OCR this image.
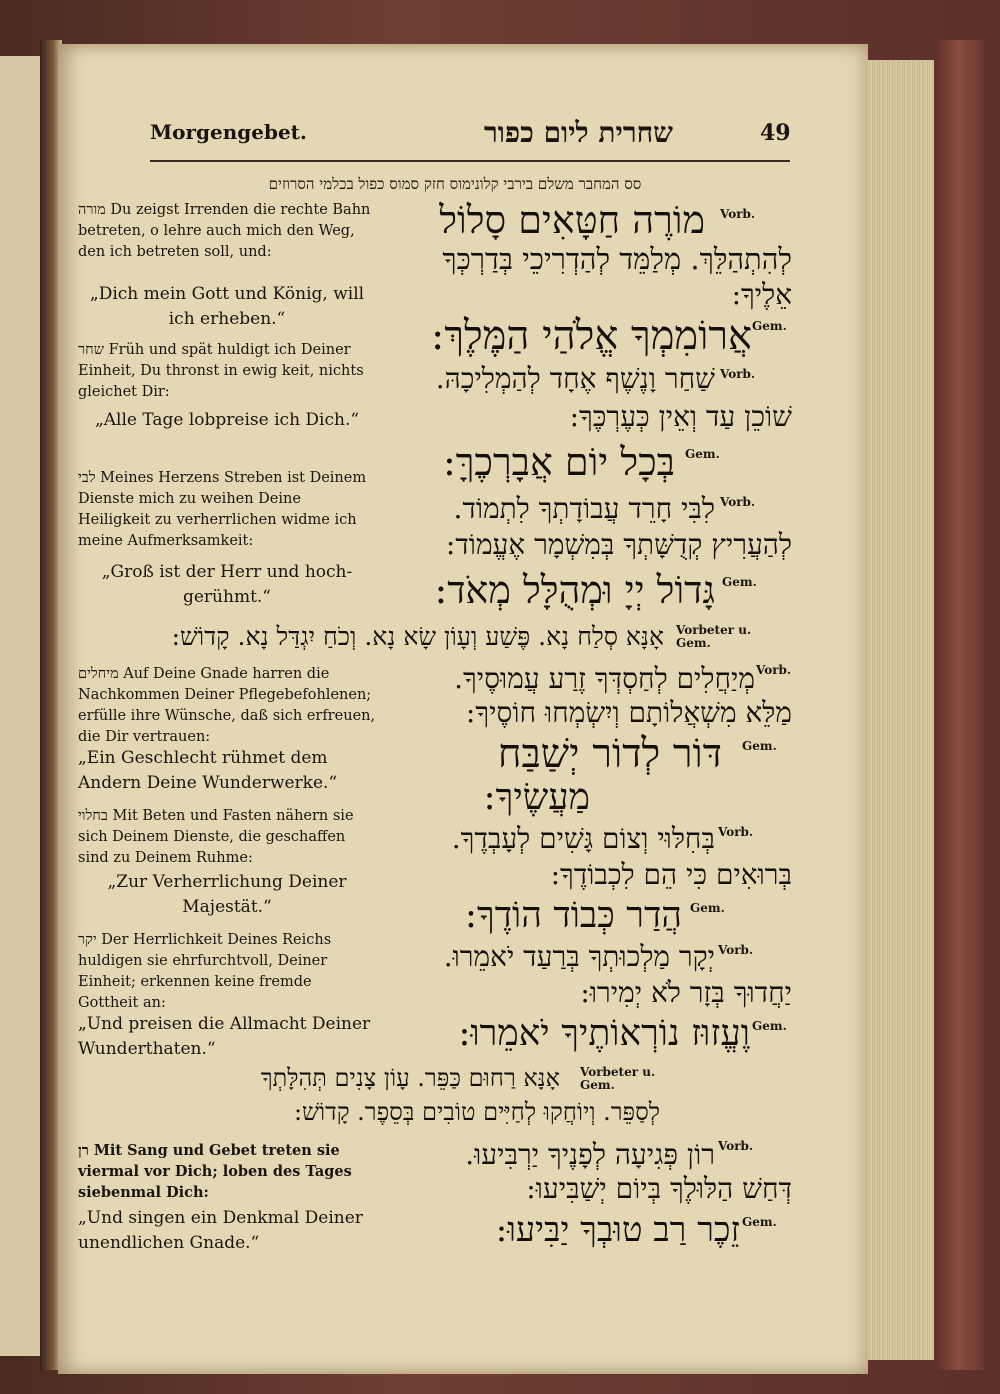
Morgengebet.	שחרית ליום כפור	49
סס המחבר משלם בירבי קלונימוס חזק סמוס כפול בכלמי הסרוזים
מורה Du zeigst Irrenden die rechte Bahn betreten, o lehre auch mich den Weg, den ich betreten soll, und:
„Dich mein Gott und König, will ich erheben.“
שחר Früh und spät huldigt ich Deiner Einheit, Du thronst in ewig keit, nichts gleichet Dir:
„Alle Tage lobpreise ich Dich.“
לבי Meines Herzens Streben ist Deinem Dienste mich zu weihen Deine Heiligkeit zu verherrlichen widme ich meine Aufmerksamkeit:
„Groß ist der Herr und hoch-gerühmt.“
מיחלים Auf Deine Gnade harren die Nachkommen Deiner Pflegebefohlenen; erfülle ihre Wünsche, daß sich erfreuen, die Dir vertrauen:
„Ein Geschlecht rühmet dem Andern Deine Wunderwerke.“
בחלוי Mit Beten und Fasten nähern sie sich Deinem Dienste, die geschaffen sind zu Deinem Ruhme:
„Zur Verherrlichung Deiner Majestät.“
יקר Der Herrlichkeit Deines Reichs huldigen sie ehrfurchtvoll, Deiner Einheit; erkennen keine fremde Gottheit an:
„Und preisen die Allmacht Deiner Wunderthaten.“
רן Mit Sang und Gebet treten sie viermal vor Dich; loben des Tages siebenmal Dich:
„Und singen ein Denkmal Deiner unendlichen Gnade.“
מוֹרֶה חַטָּאִים סָלוֹל Vorb.
לְהִתְהַלֵּךְ. מְלַמֵּד לְהַדְרִיכֵי בְּדַרְכְּךָ
אֵלֶיךָ:
אֲרוֹמִמְךָ אֱלֹהַי הַמֶּלֶךְ: Gem.
שַׁחַר וָנֶשֶׁף אֶחָד לְהַמְלִיכָהּ. Vorb.
שׁוֹכֵן עַד וְאֵין כְּעֶרְכֶּךָ:
בְּכָל יוֹם אֲבָרְכֶךָּ: Gem.
לִבִּי חָרֵד עֲבוֹדָתְךָ לִתְמוֹד. Vorb.
לְהַעֲרִיץ קְדֻשָּׁתְךָ בְּמִשְׁמָר אֶעֱמוֹד:
גָּדוֹל יְיָ וּמְהֻלָּל מְאֹד: Gem.
אָנָּא סְלַח נָא. פֶּשַׁע וְעָוֹן שָׂא נָא. וְכֹחַ יִגְדַּל נָא. קָדוֹשׁ: Vorbeter u. Gem.
מְיַחֲלִים לְחַסְדְּךָ זֶרַע עֲמוּסֶיךָ. Vorb.
מַלֵּא מִשְׁאֲלוֹתָם וְיִשְׂמְחוּ חוֹסֶיךָ:
דּוֹר לְדוֹר יְשַׁבַּח Gem.
מַעֲשֶׂיךָ:
בְּחִלּוּי וְצוֹם גָּשִׁים לְעָבְדֶךָ. Vorb.
בְּרוּאִים כִּי הֵם לִכְבוֹדֶךָ:
הֲדַר כְּבוֹד הוֹדֶךָ: Gem.
יְקָר מַלְכוּתְךָ בְּרַעַד יֹאמֵרוּ. Vorb.
יַחֲדוּךָ בְּזָר לֹא יְמִירוּ:
וֶעֱזוּז נוֹרְאוֹתֶיךָ יֹאמֵרוּ: Gem.
אָנָּא רַחוּם כַּפֵּר. עָוֹן צָנִים תְּהִלָּתְךָ Vorbeter u. Gem.
לְסַפֵּר. וְיוֹחֲקוּ לְחַיִּים טוֹבִים בְּסֵפֶר. קָדוֹשׁ:
רוֹן פְּגִיעָה לְפָנֶיךָ יַרְבִּיעוּ. Vorb.
דְּחַשׁ הַלּוּלֶךָ בְּיוֹם יְשַׁבִּיעוּ:
זֵכֶר רַב טוּבְךָ יַבִּיעוּ: Gem.
